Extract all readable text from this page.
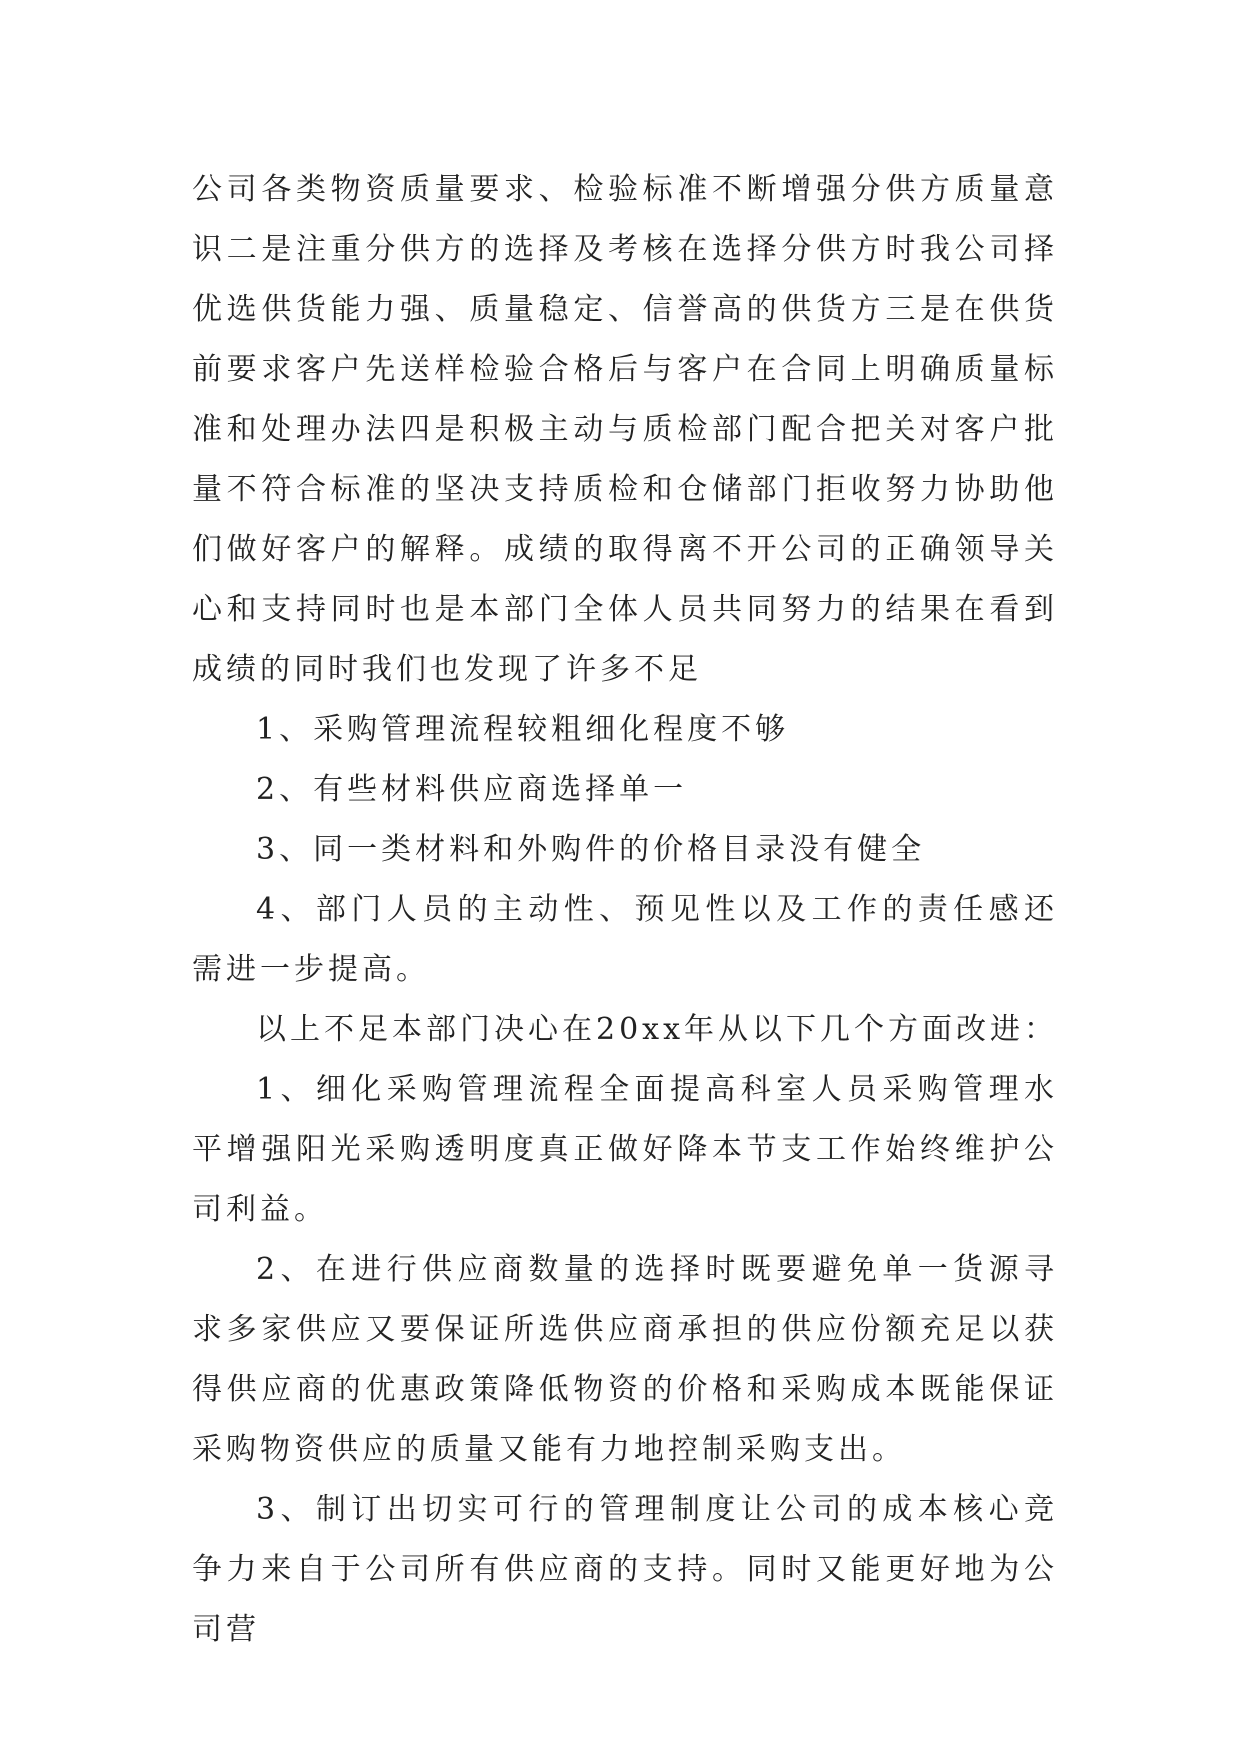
公司各类物资质量要求、检验标准不断增强分供方质量意识二是注重分供方的选择及考核在选择分供方时我公司择优选供货能力强、质量稳定、信誉高的供货方三是在供货前要求客户先送样检验合格后与客户在合同上明确质量标准和处理办法四是积极主动与质检部门配合把关对客户批量不符合标准的坚决支持质检和仓储部门拒收努力协助他们做好客户的解释。成绩的取得离不开公司的正确领导关心和支持同时也是本部门全体人员共同努力的结果在看到成绩的同时我们也发现了许多不足

1、采购管理流程较粗细化程度不够

2、有些材料供应商选择单一

3、同一类材料和外购件的价格目录没有健全

4、部门人员的主动性、预见性以及工作的责任感还需进一步提高。

以上不足本部门决心在20xx年从以下几个方面改进：

1、细化采购管理流程全面提高科室人员采购管理水平增强阳光采购透明度真正做好降本节支工作始终维护公司利益。

2、在进行供应商数量的选择时既要避免单一货源寻求多家供应又要保证所选供应商承担的供应份额充足以获得供应商的优惠政策降低物资的价格和采购成本既能保证采购物资供应的质量又能有力地控制采购支出。

3、制订出切实可行的管理制度让公司的成本核心竞争力来自于公司所有供应商的支持。同时又能更好地为公司营
